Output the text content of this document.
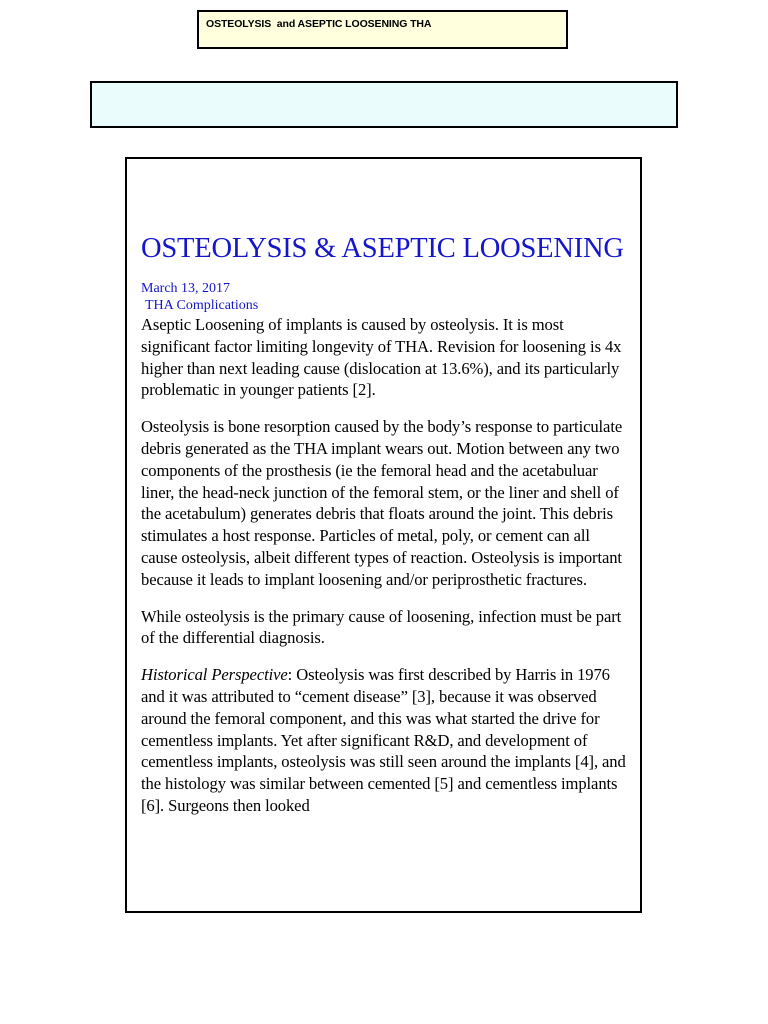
OSTEOLYSIS  and ASEPTIC LOOSENING THA
OSTEOLYSIS & ASEPTIC LOOSENING
March 13, 2017
THA Complications

Aseptic Loosening of implants is caused by osteolysis. It is most significant factor limiting longevity of THA. Revision for loosening is 4x higher than next leading cause (dislocation at 13.6%), and its particularly problematic in younger patients [2].

Osteolysis is bone resorption caused by the body’s response to particulate debris generated as the THA implant wears out. Motion between any two components of the prosthesis (ie the femoral head and the acetabuluar liner, the head-neck junction of the femoral stem, or the liner and shell of the acetabulum) generates debris that floats around the joint. This debris stimulates a host response. Particles of metal, poly, or cement can all cause osteolysis, albeit different types of reaction. Osteolysis is important because it leads to implant loosening and/or periprosthetic fractures.

While osteolysis is the primary cause of loosening, infection must be part of the differential diagnosis.

Historical Perspective: Osteolysis was first described by Harris in 1976 and it was attributed to “cement disease” [3], because it was observed around the femoral component, and this was what started the drive for cementless implants. Yet after significant R&D, and development of cementless implants, osteolysis was still seen around the implants [4], and the histology was similar between cemented [5] and cementless implants [6]. Surgeons then looked
